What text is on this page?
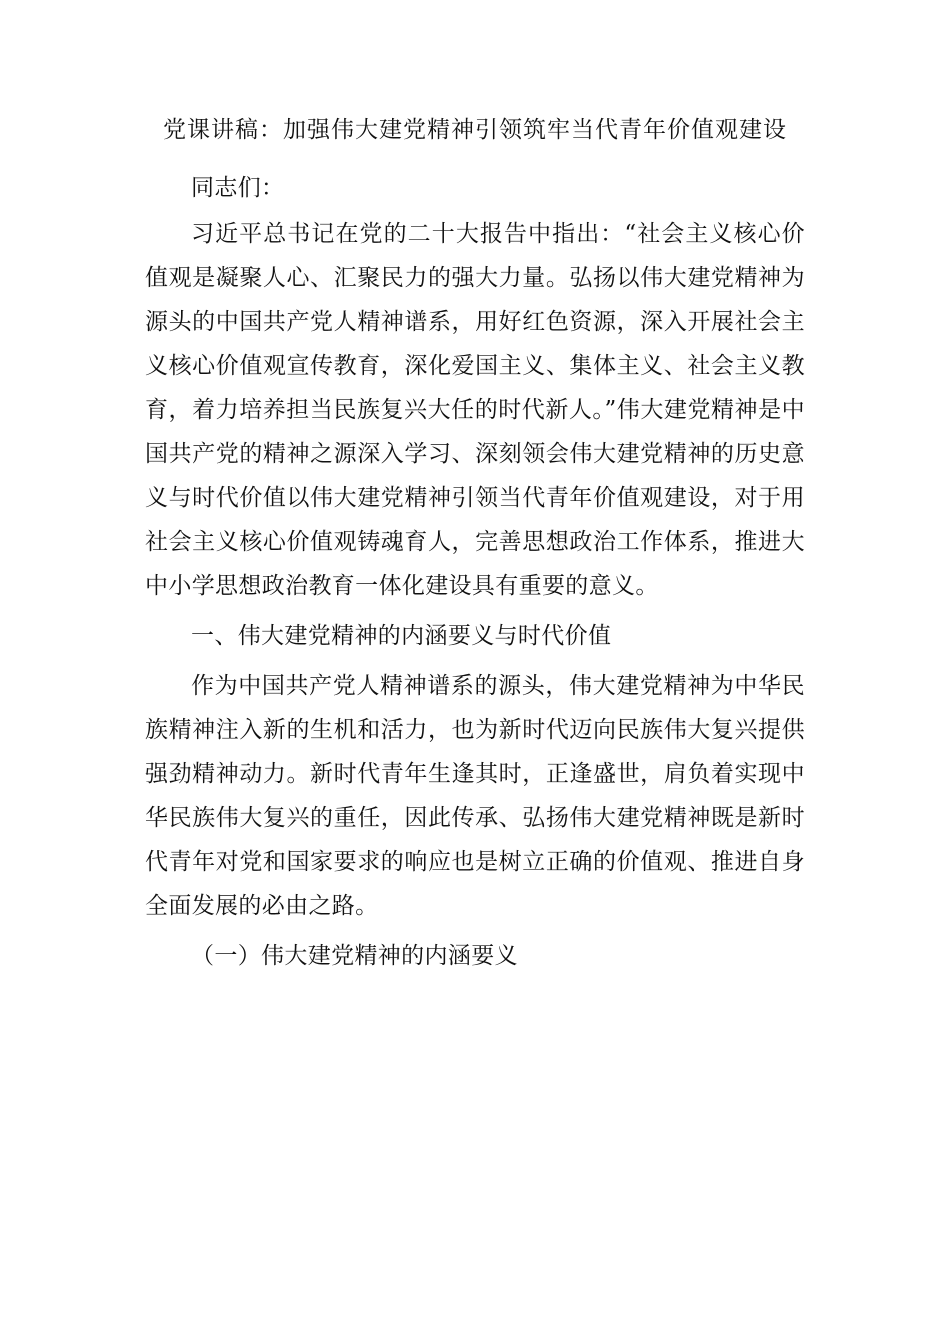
党课讲稿：加强伟大建党精神引领筑牢当代青年价值观建设

同志们：

习近平总书记在党的二十大报告中指出：“社会主义核心价值观是凝聚人心、汇聚民力的强大力量。弘扬以伟大建党精神为源头的中国共产党人精神谱系，用好红色资源，深入开展社会主义核心价值观宣传教育，深化爱国主义、集体主义、社会主义教育，着力培养担当民族复兴大任的时代新人。”伟大建党精神是中国共产党的精神之源深入学习、深刻领会伟大建党精神的历史意义与时代价值以伟大建党精神引领当代青年价值观建设，对于用社会主义核心价值观铸魂育人，完善思想政治工作体系，推进大中小学思想政治教育一体化建设具有重要的意义。

一、伟大建党精神的内涵要义与时代价值

作为中国共产党人精神谱系的源头，伟大建党精神为中华民族精神注入新的生机和活力，也为新时代迈向民族伟大复兴提供强劲精神动力。新时代青年生逢其时，正逢盛世，肩负着实现中华民族伟大复兴的重任，因此传承、弘扬伟大建党精神既是新时代青年对党和国家要求的响应也是树立正确的价值观、推进自身全面发展的必由之路。

（一）伟大建党精神的内涵要义
